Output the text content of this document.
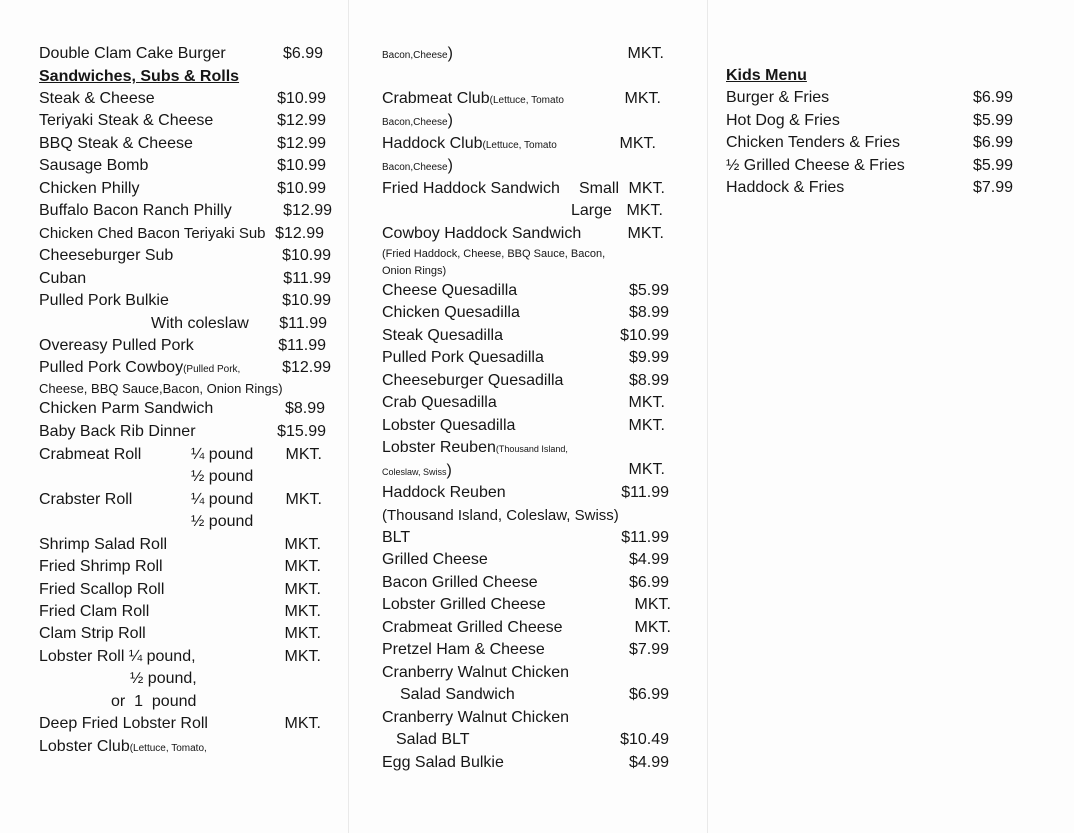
Double Clam Cake Burger	$6.99
Sandwiches, Subs & Rolls
Steak & Cheese	$10.99
Teriyaki Steak & Cheese	$12.99
BBQ Steak & Cheese	$12.99
Sausage Bomb	$10.99
Chicken Philly	$10.99
Buffalo Bacon Ranch Philly	$12.99
Chicken Ched Bacon Teriyaki Sub $12.99
Cheeseburger Sub	$10.99
Cuban	$11.99
Pulled Pork Bulkie	$10.99
With coleslaw $11.99
Overeasy Pulled Pork	$11.99
Pulled Pork Cowboy(Pulled Pork,	$12.99
Cheese, BBQ Sauce,Bacon, Onion Rings)
Chicken Parm Sandwich	$8.99
Baby Back Rib Dinner	$15.99
Crabmeat Roll	¼ pound MKT.
½ pound
Crabster Roll	¼ pound MKT.
½ pound
Shrimp Salad Roll	MKT.
Fried Shrimp Roll	MKT.
Fried Scallop Roll	MKT.
Fried Clam Roll	MKT.
Clam Strip Roll	MKT.
Lobster Roll ¼ pound,	MKT.
½ pound,
or  1  pound
Deep Fried Lobster Roll	MKT.
Lobster Club(Lettuce, Tomato,
Bacon,Cheese)	MKT.
Crabmeat Club(Lettuce, Tomato	MKT.
Bacon,Cheese)
Haddock Club(Lettuce, Tomato	MKT.
Bacon,Cheese)
Fried Haddock Sandwich Small MKT.
Large MKT.
Cowboy Haddock Sandwich	MKT.
(Fried Haddock, Cheese, BBQ Sauce, Bacon,
Onion Rings)
Cheese Quesadilla	$5.99
Chicken Quesadilla	$8.99
Steak Quesadilla	$10.99
Pulled Pork Quesadilla	$9.99
Cheeseburger Quesadilla	$8.99
Crab Quesadilla	MKT.
Lobster Quesadilla	MKT.
Lobster Reuben(Thousand Island,
Coleslaw, Swiss)	MKT.
Haddock Reuben	$11.99
(Thousand Island, Coleslaw, Swiss)
BLT	$11.99
Grilled Cheese	$4.99
Bacon Grilled Cheese	$6.99
Lobster Grilled Cheese	MKT.
Crabmeat Grilled Cheese	MKT.
Pretzel Ham & Cheese	$7.99
Cranberry Walnut Chicken
Salad Sandwich	$6.99
Cranberry Walnut Chicken
Salad BLT	$10.49
Egg Salad Bulkie	$4.99
Kids Menu
Burger & Fries	$6.99
Hot Dog & Fries	$5.99
Chicken Tenders & Fries	$6.99
½ Grilled Cheese & Fries	$5.99
Haddock & Fries	$7.99
